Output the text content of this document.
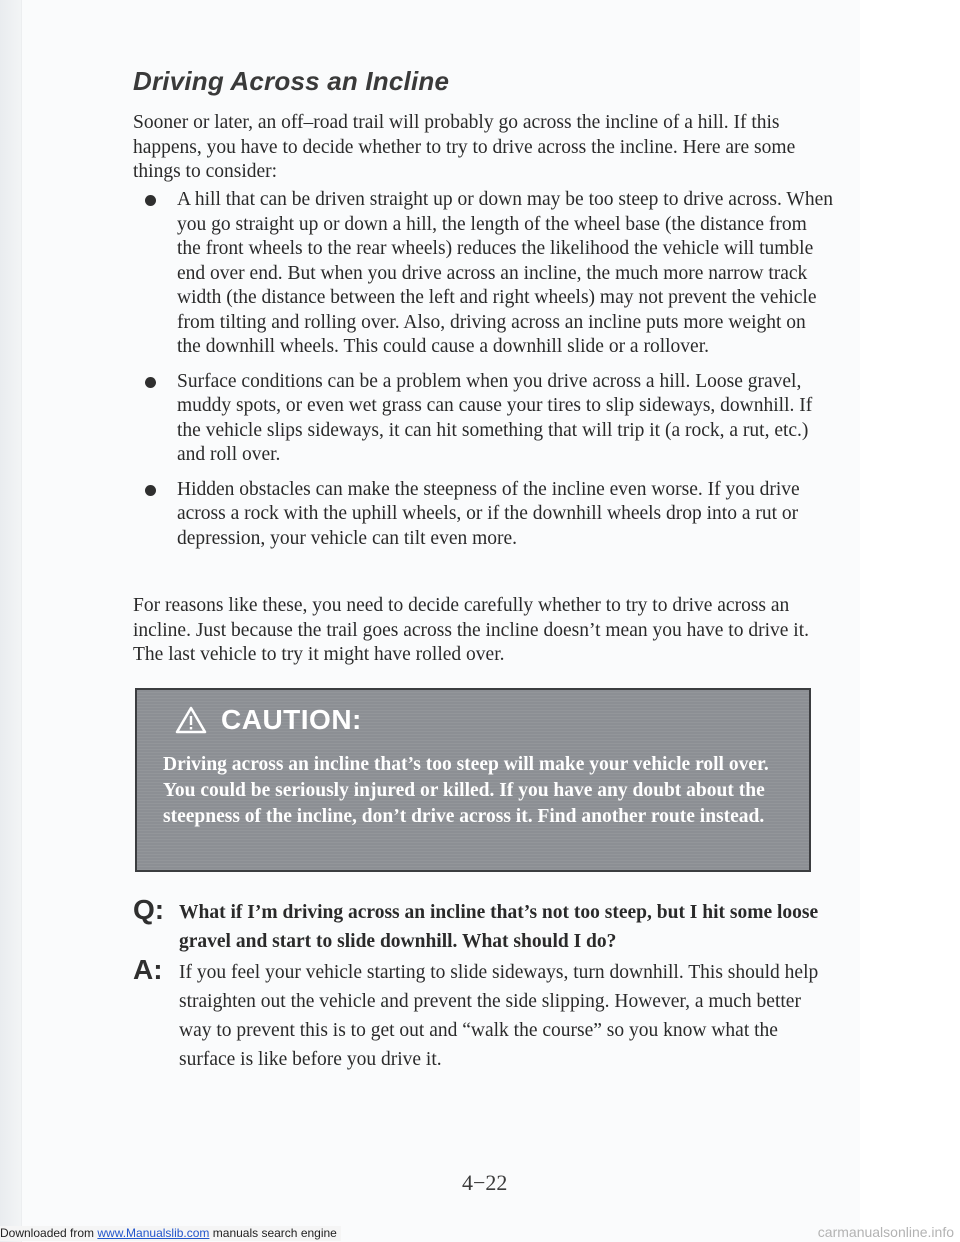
Driving Across an Incline

Sooner or later, an off–road trail will probably go across the incline of a hill. If this happens, you have to decide whether to try to drive across the incline. Here are some things to consider:

A hill that can be driven straight up or down may be too steep to drive across. When you go straight up or down a hill, the length of the wheel base (the distance from the front wheels to the rear wheels) reduces the likelihood the vehicle will tumble end over end. But when you drive across an incline, the much more narrow track width (the distance between the left and right wheels) may not prevent the vehicle from tilting and rolling over. Also, driving across an incline puts more weight on the downhill wheels. This could cause a downhill slide or a rollover.
Surface conditions can be a problem when you drive across a hill. Loose gravel, muddy spots, or even wet grass can cause your tires to slip sideways, downhill. If the vehicle slips sideways, it can hit something that will trip it (a rock, a rut, etc.) and roll over.
Hidden obstacles can make the steepness of the incline even worse. If you drive across a rock with the uphill wheels, or if the downhill wheels drop into a rut or depression, your vehicle can tilt even more.

For reasons like these, you need to decide carefully whether to try to drive across an incline. Just because the trail goes across the incline doesn’t mean you have to drive it. The last vehicle to try it might have rolled over.

CAUTION:

Driving across an incline that’s too steep will make your vehicle roll over. You could be seriously injured or killed. If you have any doubt about the steepness of the incline, don’t drive across it. Find another route instead.

Q: What if I’m driving across an incline that’s not too steep, but I hit some loose gravel and start to slide downhill. What should I do?

A: If you feel your vehicle starting to slide sideways, turn downhill. This should help straighten out the vehicle and prevent the side slipping. However, a much better way to prevent this is to get out and “walk the course” so you know what the surface is like before you drive it.

4−22
Downloaded from www.Manualslib.com manuals search engine	carmanualsonline.info
